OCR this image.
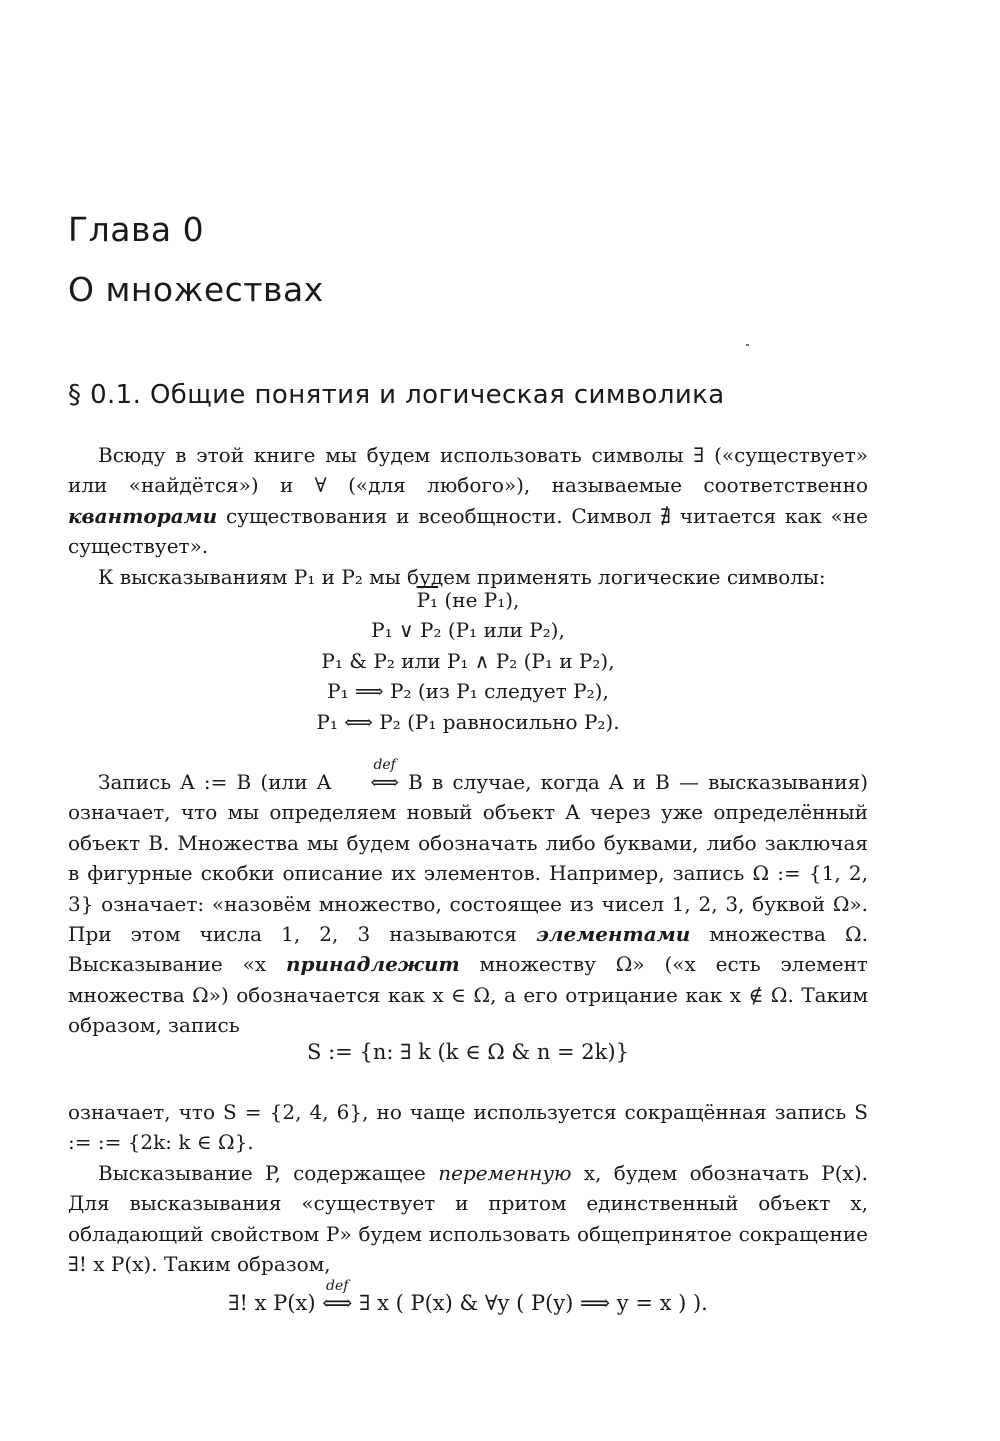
Глава 0
О множествах
§ 0.1. Общие понятия и логическая символика

Всюду в этой книге мы будем использовать символы ∃ («существует» или «найдётся») и ∀ («для любого»), называемые соответственно кванторами существования и всеобщности. Символ ∄ читается как «не существует».

К высказываниям P₁ и P₂ мы будем применять логические символы:

P₁ (не P₁),
P₁ ∨ P₂ (P₁ или P₂),
P₁ & P₂ или P₁ ∧ P₂ (P₁ и P₂),
P₁ ⟹ P₂ (из P₁ следует P₂),
P₁ ⟺ P₂ (P₁ равносильно P₂).

Запись A := B (или A
def
⟺ B в случае, когда A и B — высказывания) означает, что мы определяем новый объект A через уже определённый объект B. Множества мы будем обозначать либо буквами, либо заключая в фигурные скобки описание их элементов. Например, запись Ω := {1, 2, 3} означает: «назовём множество, состоящее из чисел 1, 2, 3, буквой Ω». При этом числа 1, 2, 3 называются элементами множества Ω. Высказывание «x принадлежит множеству Ω» («x есть элемент множества Ω») обозначается как x ∈ Ω, а его отрицание как x ∉ Ω. Таким образом, запись

S := {n: ∃ k (k ∈ Ω & n = 2k)}

означает, что S = {2, 4, 6}, но чаще используется сокращённая запись S := := {2k: k ∈ Ω}.

Высказывание P, содержащее переменную x, будем обозначать P(x). Для высказывания «существует и притом единственный объект x, обладающий свойством P» будем использовать общепринятое сокращение ∃! x P(x). Таким образом,

∃! x P(x)
def
⟺ ∃ x ( P(x) & ∀y ( P(y) ⟹ y = x ) ).
